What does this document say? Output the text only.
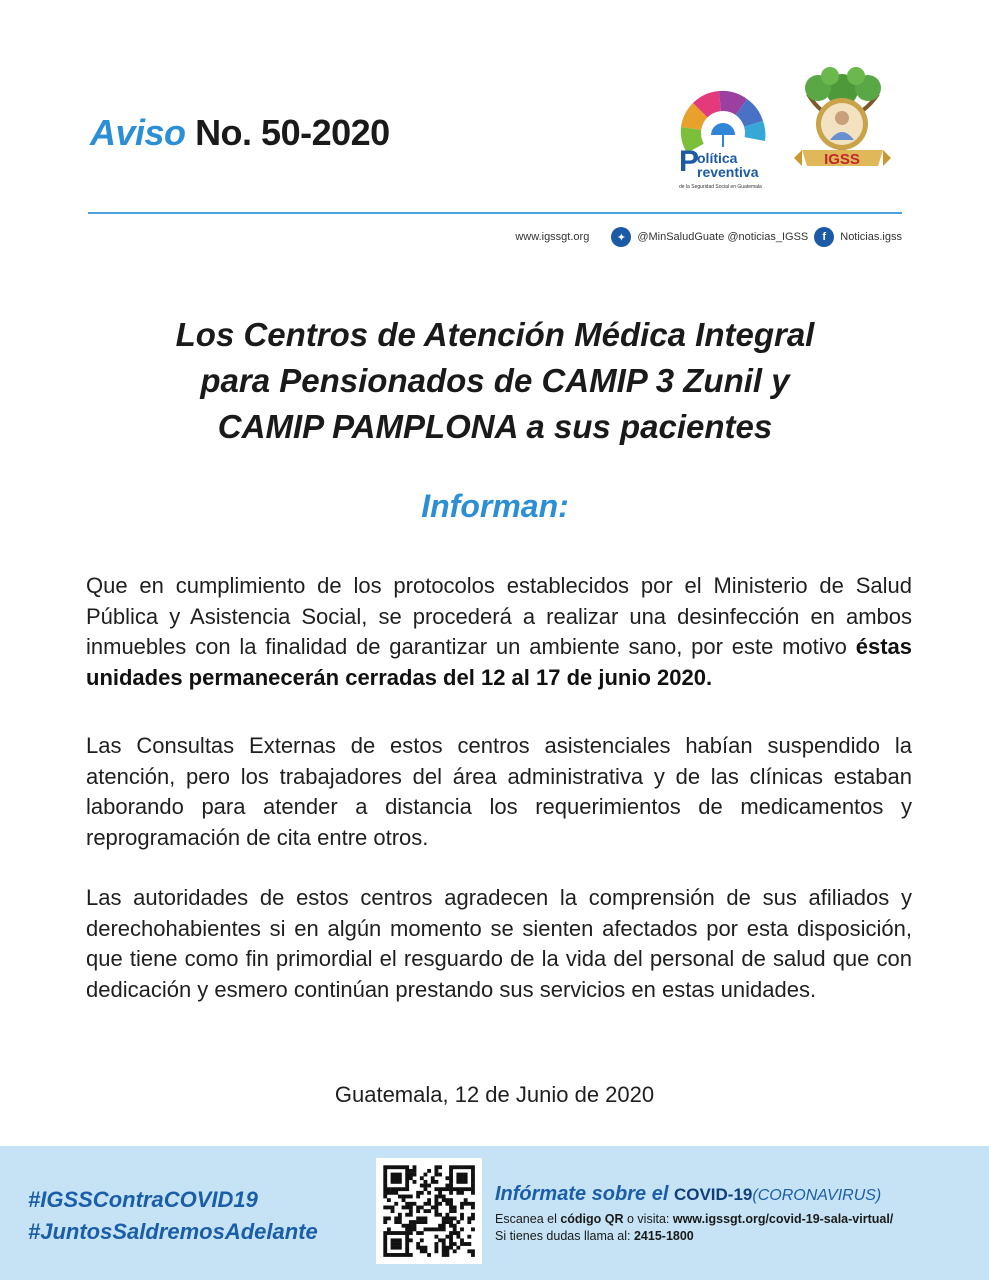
Aviso No. 50-2020
P
olítica
reventiva
de la Seguridad Social en Guatemala
IGSS
www.igssgt.org	✦	@MinSaludGuate @noticias_IGSS	f	Noticias.igss
Los Centros de Atención Médica Integral
para Pensionados de CAMIP 3 Zunil y
CAMIP PAMPLONA a sus pacientes
Informan:
Que en cumplimiento de los protocolos establecidos por el Ministerio de Salud Pública y Asistencia Social, se procederá a realizar una desinfección en ambos inmuebles con la finalidad de garantizar un ambiente sano, por este motivo éstas unidades permanecerán cerradas del 12 al 17 de junio 2020.
Las Consultas Externas de estos centros asistenciales habían suspendido la atención, pero los trabajadores del área administrativa y de las clínicas estaban laborando para atender a distancia los requerimientos de medicamentos y reprogramación de cita entre otros.
Las autoridades de estos centros agradecen la comprensión de sus afiliados y derechohabientes si en algún momento se sienten afectados por esta disposición, que tiene como fin primordial el resguardo de la vida del personal de salud que con dedicación y esmero continúan prestando sus servicios en estas unidades.
Guatemala, 12 de Junio de 2020
#IGSSContraCOVID19
#JuntosSaldremosAdelante
Infórmate sobre el COVID-19(CORONAVIRUS)
Escanea el código QR o visita: www.igssgt.org/covid-19-sala-virtual/
Si tienes dudas llama al: 2415-1800
